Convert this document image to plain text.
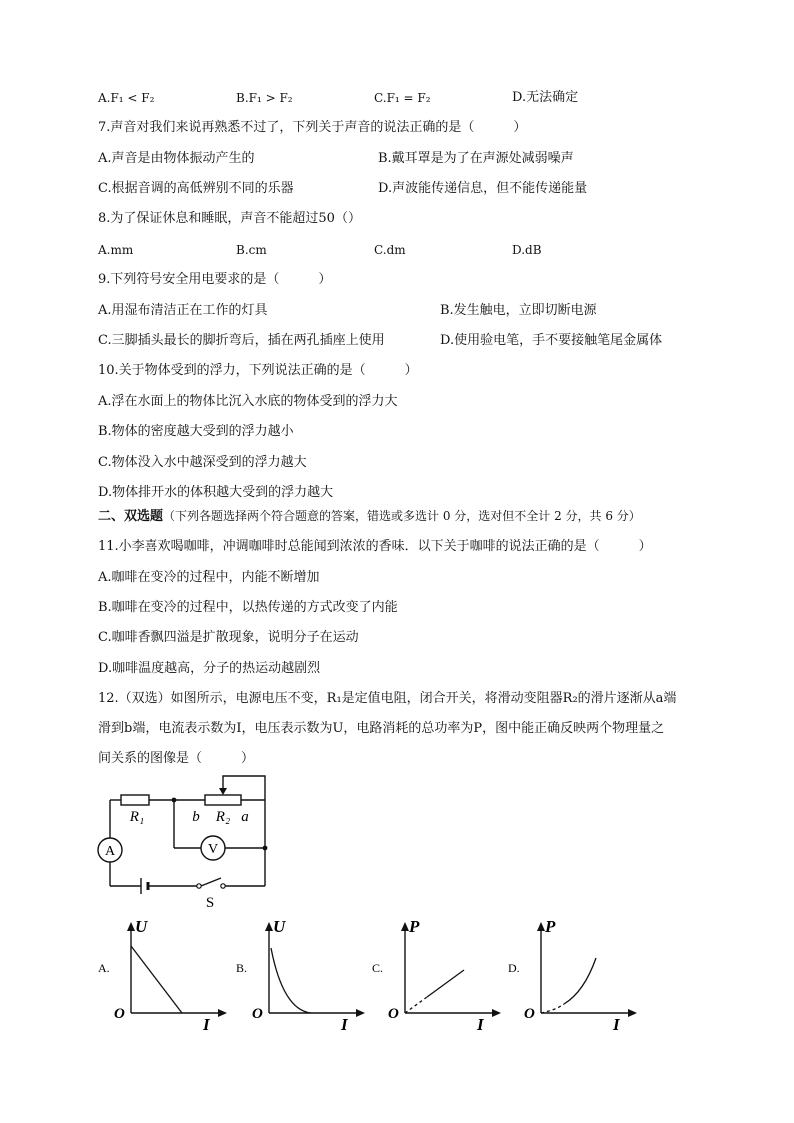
A.F₁ < F₂	B.F₁ > F₂	C.F₁ = F₂	D.无法确定
7.声音对我们来说再熟悉不过了，下列关于声音的说法正确的是（　　　）
A.声音是由物体振动产生的	B.戴耳罩是为了在声源处减弱噪声
C.根据音调的高低辨别不同的乐器	D.声波能传递信息，但不能传递能量
8.为了保证休息和睡眠，声音不能超过50（）
A.mm	B.cm	C.dm	D.dB
9.下列符号安全用电要求的是（　　　）
A.用湿布清洁正在工作的灯具	B.发生触电，立即切断电源
C.三脚插头最长的脚折弯后，插在两孔插座上使用	D.使用验电笔，手不要接触笔尾金属体
10.关于物体受到的浮力，下列说法正确的是（　　　）
A.浮在水面上的物体比沉入水底的物体受到的浮力大
B.物体的密度越大受到的浮力越小
C.物体没入水中越深受到的浮力越大
D.物体排开水的体积越大受到的浮力越大
二、双选题（下列各题选择两个符合题意的答案，错选或多选计 0 分，选对但不全计 2 分，共 6 分）
11.小李喜欢喝咖啡，冲调咖啡时总能闻到浓浓的香味．以下关于咖啡的说法正确的是（　　　）
A.咖啡在变冷的过程中，内能不断增加
B.咖啡在变冷的过程中，以热传递的方式改变了内能
C.咖啡香飘四溢是扩散现象，说明分子在运动
D.咖啡温度越高，分子的热运动越剧烈
12.（双选）如图所示，电源电压不变，R₁是定值电阻，闭合开关，将滑动变阻器R₂的滑片逐渐从a端
滑到b端，电流表示数为I，电压表示数为U，电路消耗的总功率为P，图中能正确反映两个物理量之
间关系的图像是（　　　）
R₁	b R₂ a
A	V
S
A.
U
I
O
B.
U
I
O
C.
P
I
O
D.
P
I
O
